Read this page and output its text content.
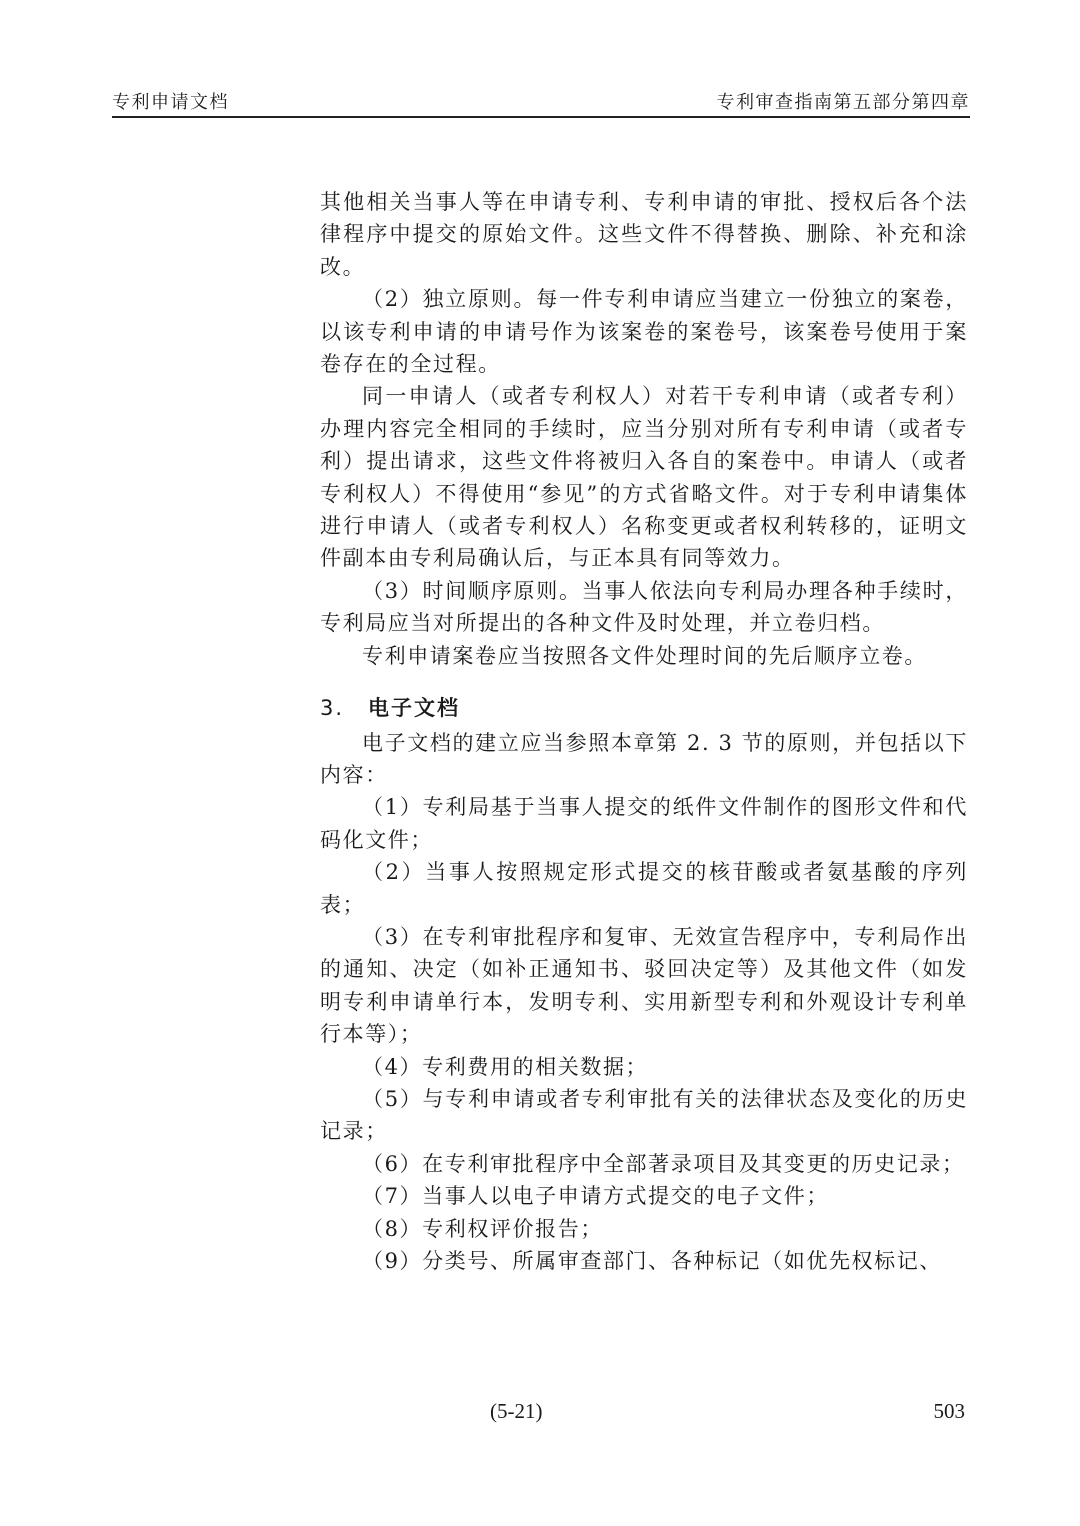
专利申请文档	专利审查指南第五部分第四章

其他相关当事人等在申请专利、专利申请的审批、授权后各个法律程序中提交的原始文件。这些文件不得替换、删除、补充和涂改。

（2）独立原则。每一件专利申请应当建立一份独立的案卷，以该专利申请的申请号作为该案卷的案卷号，该案卷号使用于案卷存在的全过程。

同一申请人（或者专利权人）对若干专利申请（或者专利）办理内容完全相同的手续时，应当分别对所有专利申请（或者专利）提出请求，这些文件将被归入各自的案卷中。申请人（或者专利权人）不得使用“参见”的方式省略文件。对于专利申请集体进行申请人（或者专利权人）名称变更或者权利转移的，证明文件副本由专利局确认后，与正本具有同等效力。

（3）时间顺序原则。当事人依法向专利局办理各种手续时，专利局应当对所提出的各种文件及时处理，并立卷归档。

专利申请案卷应当按照各文件处理时间的先后顺序立卷。

3. 电子文档

电子文档的建立应当参照本章第 2. 3 节的原则，并包括以下内容：

（1）专利局基于当事人提交的纸件文件制作的图形文件和代码化文件；

（2）当事人按照规定形式提交的核苷酸或者氨基酸的序列表；

（3）在专利审批程序和复审、无效宣告程序中，专利局作出的通知、决定（如补正通知书、驳回决定等）及其他文件（如发明专利申请单行本，发明专利、实用新型专利和外观设计专利单行本等）；

（4）专利费用的相关数据；

（5）与专利申请或者专利审批有关的法律状态及变化的历史记录；

（6）在专利审批程序中全部著录项目及其变更的历史记录；

（7）当事人以电子申请方式提交的电子文件；

（8）专利权评价报告；

（9）分类号、所属审查部门、各种标记（如优先权标记、

(5-21)	503
